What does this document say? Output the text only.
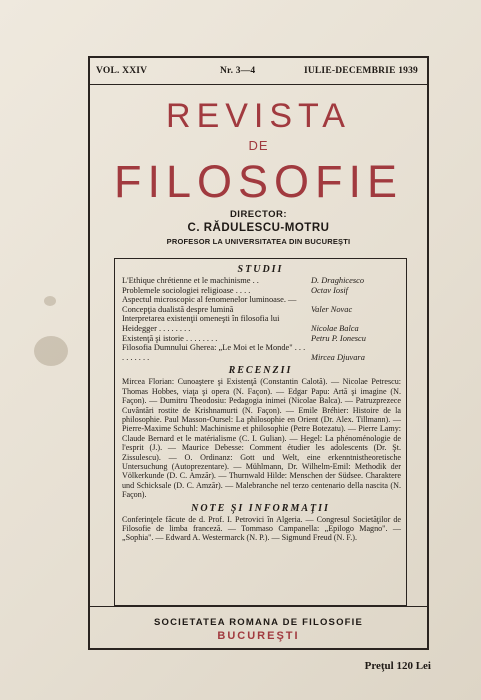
VOL. XXIV	Nr. 3—4	IULIE-DECEMBRIE 1939
REVISTA
DE
FILOSOFIE
DIRECTOR:
C. RĂDULESCU-MOTRU
PROFESOR LA UNIVERSITATEA DIN BUCUREŞTI
STUDII
L'Ethique chrétienne et le machinisme . .	D. Draghicesco
Problemele sociologiei religioase . . . .	Octav Iosif
Aspectul microscopic al fenomenelor luminoase. — Concepţia dualistă despre lumină	Valer Novac
Interpretarea existenţii omeneşti în filosofia lui Heidegger . . . . . . . .	Nicolae Balca
Existenţă şi istorie . . . . . . . .	Petru P. Ionescu
Filosofia Dumnului Gherea: „Le Moi et le Monde" . . . . . . . . . .	Mircea Djuvara
RECENZII
Mircea Florian: Cunoaştere şi Existenţă (Constantin Calotă). — Nicolae Petrescu: Thomas Hobbes, viaţa şi opera (N. Façon). — Edgar Papu: Artă şi imagine (N. Façon). — Dumitru Theodosiu: Pedagogia inimei (Nicolae Balca). — Patruzprezece Cuvântări rostite de Krishnamurti (N. Façon). — Emile Bréhier: Histoire de la philosophie. Paul Masson-Oursel: La philosophie en Orient (Dr. Alex. Tillmann). — Pierre-Maxime Schuhl: Machinisme et philosophie (Petre Botezatu). — Pierre Lamy: Claude Bernard et le matérialisme (C. I. Gulian). — Hegel: La phénoménologie de l'esprit (J.). — Maurice Debesse: Comment étudier les adolescents (Dr. Şt. Zissulescu). — O. Ordinanz: Gott und Welt, eine erkenntnistheoretische Untersuchung (Autoprezentare). — Mühlmann, Dr. Wilhelm-Emil: Methodik der Völkerkunde (D. C. Amzăr). — Thurnwald Hilde: Menschen der Südsee. Charaktere und Schicksale (D. C. Amzăr). — Malebranche nel terzo centenario della nascita (N. Façon).
NOTE ŞI INFORMAŢII
Conferinţele făcute de d. Prof. I. Petrovici în Algeria. — Congresul Societăţilor de Filosofie de limba franceză. — Tommaso Campanella: „Epilogo Magno". — „Sophia". — Edward A. Westermarck (N. P.). — Sigmund Freud (N. F.).
SOCIETATEA ROMANA DE FILOSOFIE
BUCUREŞTI
Preţul 120 Lei
